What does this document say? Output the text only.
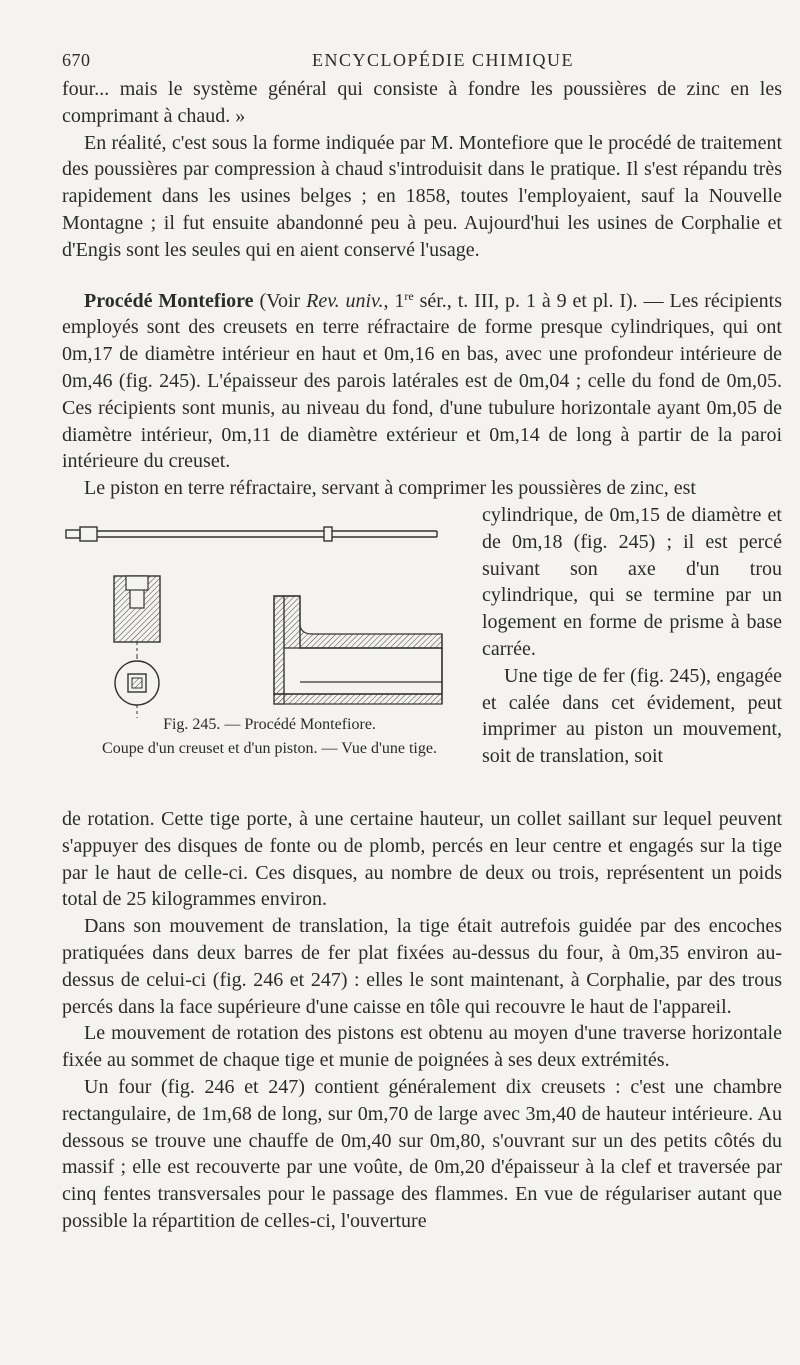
670	ENCYCLOPÉDIE CHIMIQUE

four... mais le système général qui consiste à fondre les poussières de zinc en les comprimant à chaud. »

En réalité, c'est sous la forme indiquée par M. Montefiore que le procédé de traitement des poussières par compression à chaud s'introduisit dans le pratique. Il s'est répandu très rapidement dans les usines belges ; en 1858, toutes l'employaient, sauf la Nouvelle Montagne ; il fut ensuite abandonné peu à peu. Aujourd'hui les usines de Corphalie et d'Engis sont les seules qui en aient conservé l'usage.

Procédé Montefiore (Voir Rev. univ., 1re sér., t. III, p. 1 à 9 et pl. I). — Les récipients employés sont des creusets en terre réfractaire de forme presque cylindriques, qui ont 0m,17 de diamètre intérieur en haut et 0m,16 en bas, avec une profondeur intérieure de 0m,46 (fig. 245). L'épaisseur des parois latérales est de 0m,04 ; celle du fond de 0m,05. Ces récipients sont munis, au niveau du fond, d'une tubulure horizontale ayant 0m,05 de diamètre intérieur, 0m,11 de diamètre extérieur et 0m,14 de long à partir de la paroi intérieure du creuset.

Le piston en terre réfractaire, servant à comprimer les poussières de zinc, est

Fig. 245. — Procédé Montefiore.
Coupe d'un creuset et d'un piston. — Vue d'une tige.

cylindrique, de 0m,15 de diamètre et de 0m,18 (fig. 245) ; il est percé suivant son axe d'un trou cylindrique, qui se termine par un logement en forme de prisme à base carrée.

Une tige de fer (fig. 245), engagée et calée dans cet évidement, peut imprimer au piston un mouvement, soit de translation, soit

de rotation. Cette tige porte, à une certaine hauteur, un collet saillant sur lequel peuvent s'appuyer des disques de fonte ou de plomb, percés en leur centre et engagés sur la tige par le haut de celle-ci. Ces disques, au nombre de deux ou trois, représentent un poids total de 25 kilogrammes environ.

Dans son mouvement de translation, la tige était autrefois guidée par des encoches pratiquées dans deux barres de fer plat fixées au-dessus du four, à 0m,35 environ au-dessus de celui-ci (fig. 246 et 247) : elles le sont maintenant, à Corphalie, par des trous percés dans la face supérieure d'une caisse en tôle qui recouvre le haut de l'appareil.

Le mouvement de rotation des pistons est obtenu au moyen d'une traverse horizontale fixée au sommet de chaque tige et munie de poignées à ses deux extrémités.

Un four (fig. 246 et 247) contient généralement dix creusets : c'est une chambre rectangulaire, de 1m,68 de long, sur 0m,70 de large avec 3m,40 de hauteur intérieure. Au dessous se trouve une chauffe de 0m,40 sur 0m,80, s'ouvrant sur un des petits côtés du massif ; elle est recouverte par une voûte, de 0m,20 d'épaisseur à la clef et traversée par cinq fentes transversales pour le passage des flammes. En vue de régulariser autant que possible la répartition de celles-ci, l'ouverture
